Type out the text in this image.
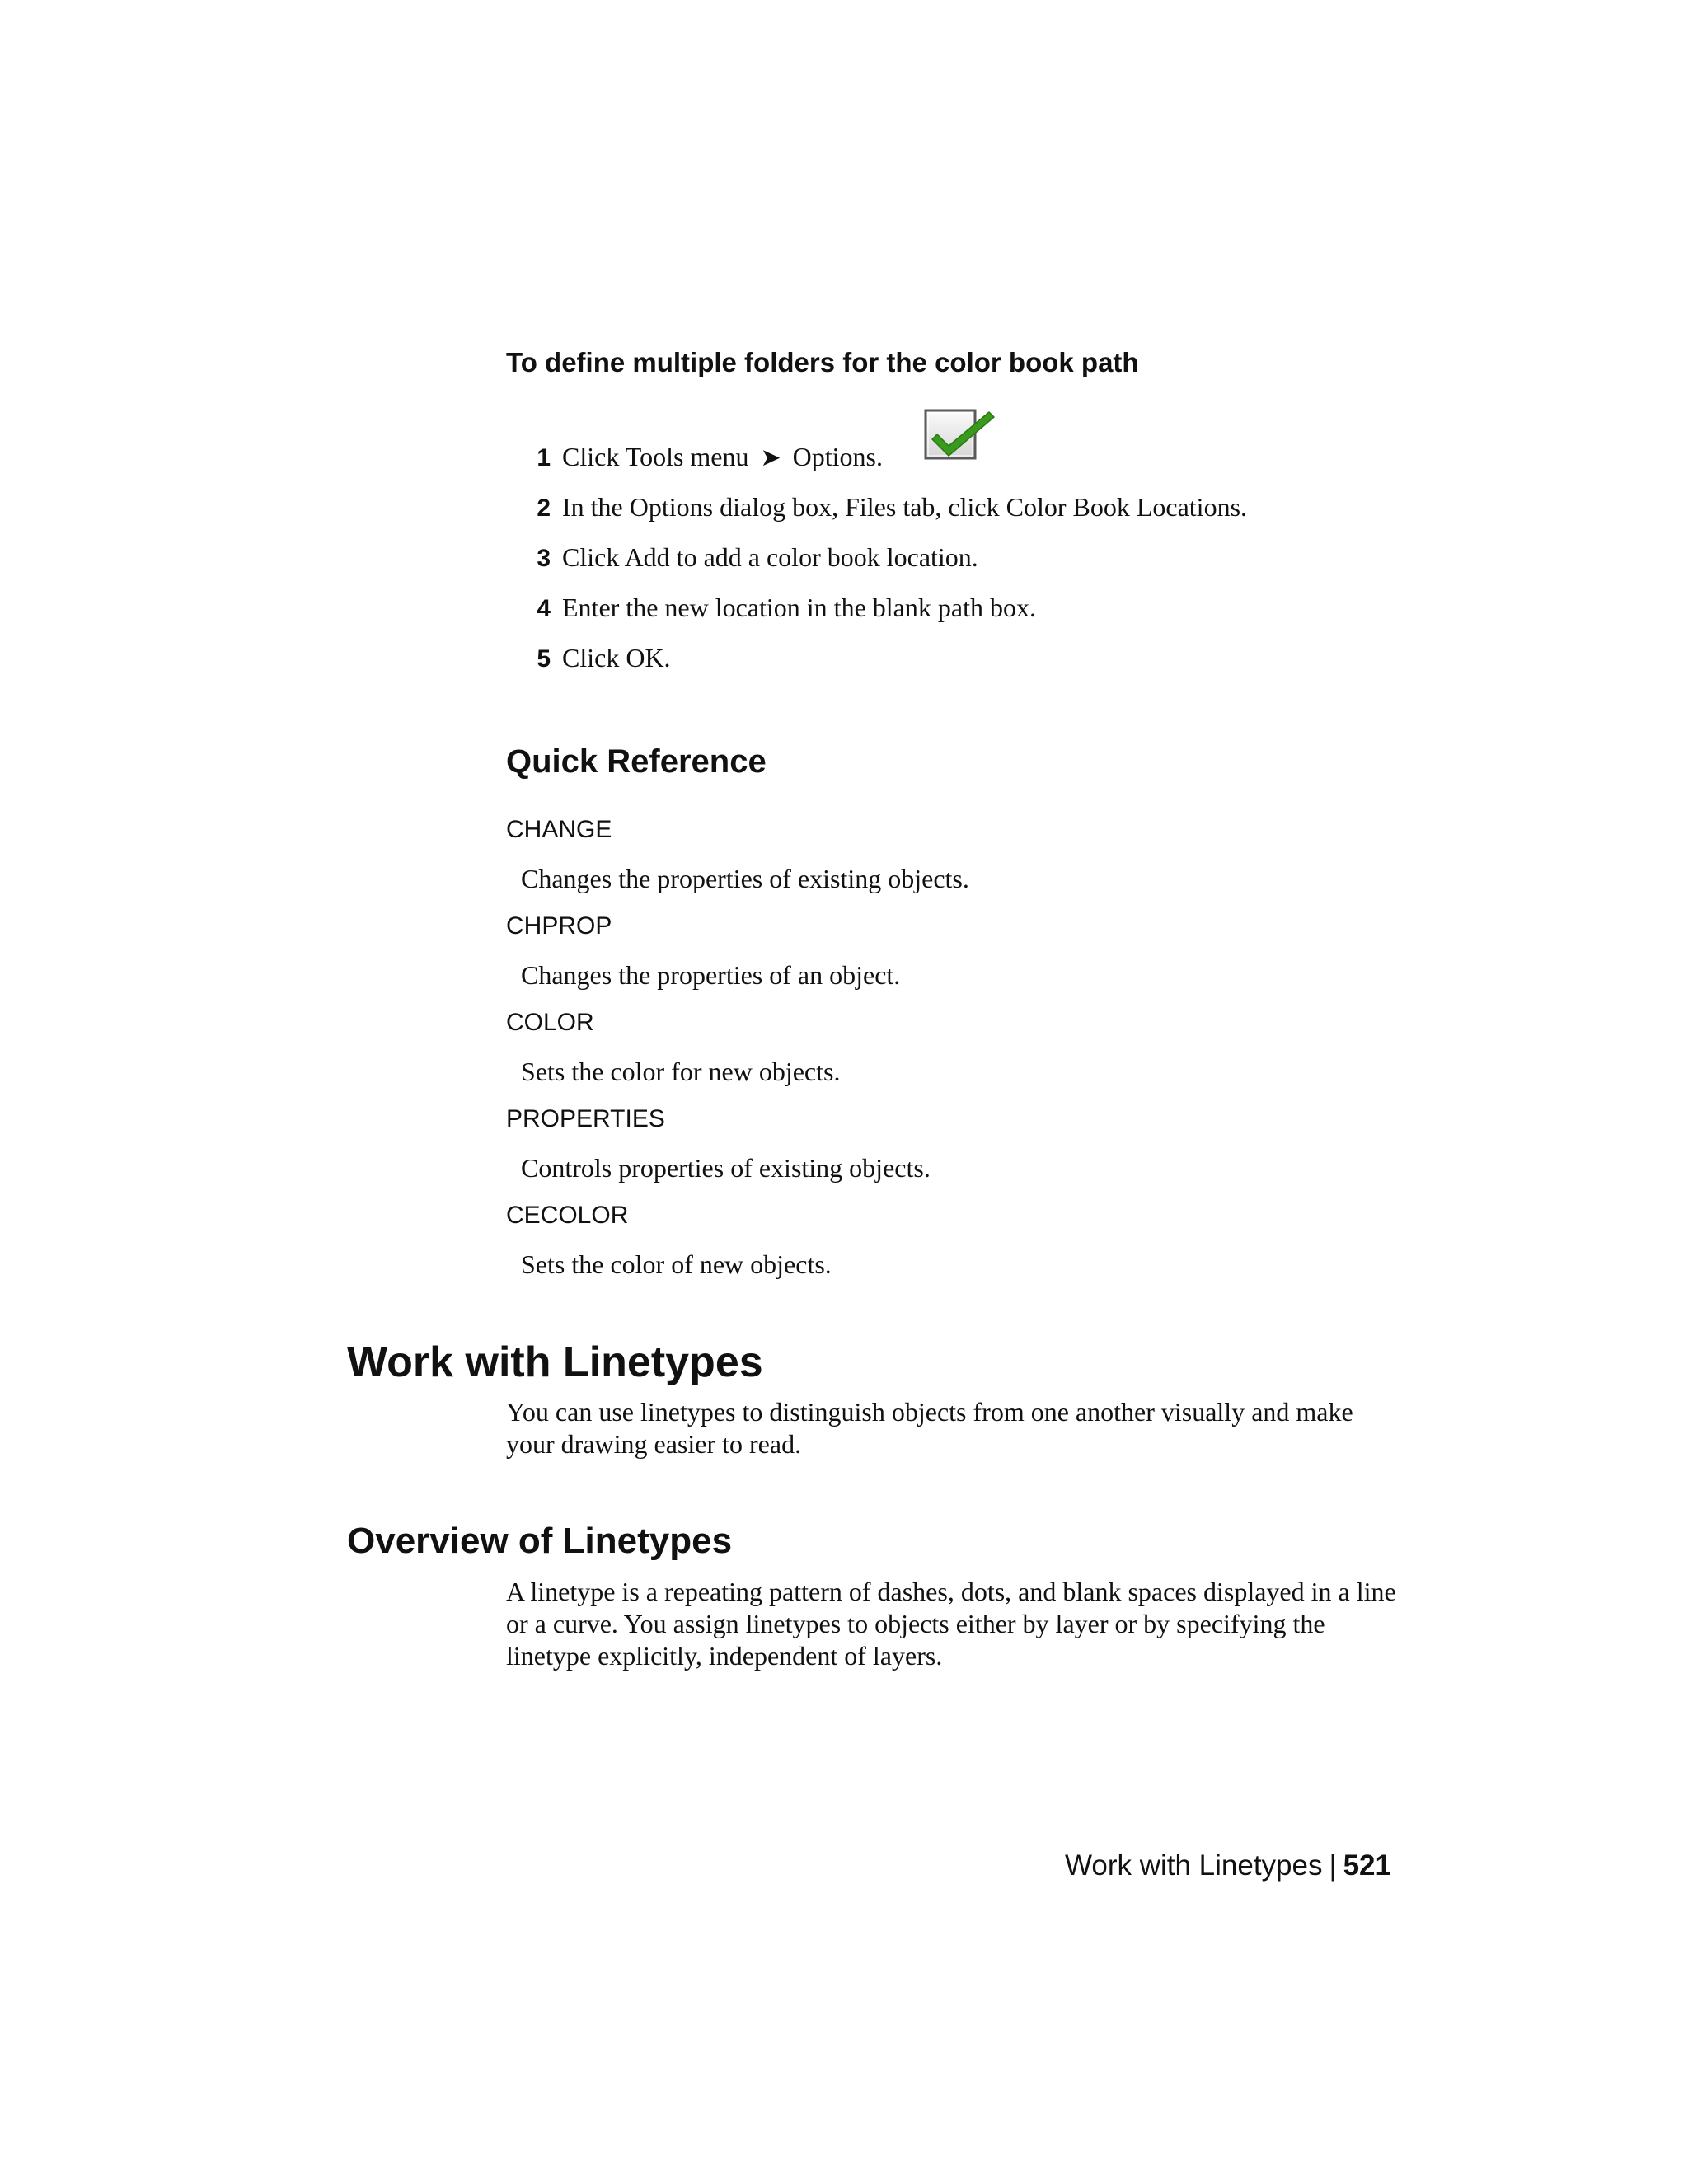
To define multiple folders for the color book path
1 Click Tools menu ➤ Options.
2 In the Options dialog box, Files tab, click Color Book Locations.
3 Click Add to add a color book location.
4 Enter the new location in the blank path box.
5 Click OK.
Quick Reference
CHANGE
Changes the properties of existing objects.
CHPROP
Changes the properties of an object.
COLOR
Sets the color for new objects.
PROPERTIES
Controls properties of existing objects.
CECOLOR
Sets the color of new objects.
Work with Linetypes
You can use linetypes to distinguish objects from one another visually and make your drawing easier to read.
Overview of Linetypes
A linetype is a repeating pattern of dashes, dots, and blank spaces displayed in a line or a curve. You assign linetypes to objects either by layer or by specifying the linetype explicitly, independent of layers.
Work with Linetypes | 521
